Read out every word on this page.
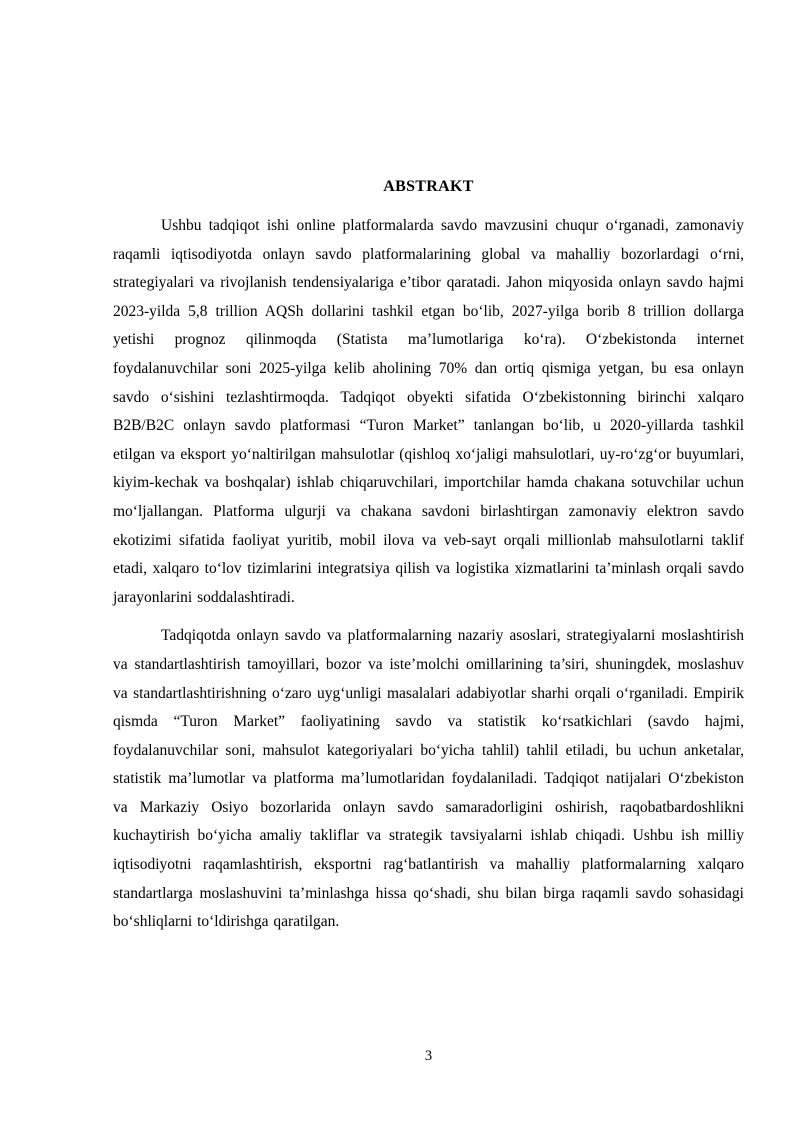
ABSTRAKT

Ushbu tadqiqot ishi online platformalarda savdo mavzusini chuqur o‘rganadi, zamonaviy raqamli iqtisodiyotda onlayn savdo platformalarining global va mahalliy bozorlardagi o‘rni, strategiyalari va rivojlanish tendensiyalariga e’tibor qaratadi. Jahon miqyosida onlayn savdo hajmi 2023-yilda 5,8 trillion AQSh dollarini tashkil etgan bo‘lib, 2027-yilga borib 8 trillion dollarga yetishi prognoz qilinmoqda (Statista ma’lumotlariga ko‘ra). O‘zbekistonda internet foydalanuvchilar soni 2025-yilga kelib aholining 70% dan ortiq qismiga yetgan, bu esa onlayn savdo o‘sishini tezlashtirmoqda. Tadqiqot obyekti sifatida O‘zbekistonning birinchi xalqaro B2B/B2C onlayn savdo platformasi “Turon Market” tanlangan bo‘lib, u 2020-yillarda tashkil etilgan va eksport yo‘naltirilgan mahsulotlar (qishloq xo‘jaligi mahsulotlari, uy-ro‘zg‘or buyumlari, kiyim-kechak va boshqalar) ishlab chiqaruvchilari, importchilar hamda chakana sotuvchilar uchun mo‘ljallangan. Platforma ulgurji va chakana savdoni birlashtirgan zamonaviy elektron savdo ekotizimi sifatida faoliyat yuritib, mobil ilova va veb-sayt orqali millionlab mahsulotlarni taklif etadi, xalqaro to‘lov tizimlarini integratsiya qilish va logistika xizmatlarini ta’minlash orqali savdo jarayonlarini soddalashtiradi.

Tadqiqotda onlayn savdo va platformalarning nazariy asoslari, strategiyalarni moslashtirish va standartlashtirish tamoyillari, bozor va iste’molchi omillarining ta’siri, shuningdek, moslashuv va standartlashtirishning o‘zaro uyg‘unligi masalalari adabiyotlar sharhi orqali o‘rganiladi. Empirik qismda “Turon Market” faoliyatining savdo va statistik ko‘rsatkichlari (savdo hajmi, foydalanuvchilar soni, mahsulot kategoriyalari bo‘yicha tahlil) tahlil etiladi, bu uchun anketalar, statistik ma’lumotlar va platforma ma’lumotlaridan foydalaniladi. Tadqiqot natijalari O‘zbekiston va Markaziy Osiyo bozorlarida onlayn savdo samaradorligini oshirish, raqobatbardoshlikni kuchaytirish bo‘yicha amaliy takliflar va strategik tavsiyalarni ishlab chiqadi. Ushbu ish milliy iqtisodiyotni raqamlashtirish, eksportni rag‘batlantirish va mahalliy platformalarning xalqaro standartlarga moslashuvini ta’minlashga hissa qo‘shadi, shu bilan birga raqamli savdo sohasidagi bo‘shliqlarni to‘ldirishga qaratilgan.

3
